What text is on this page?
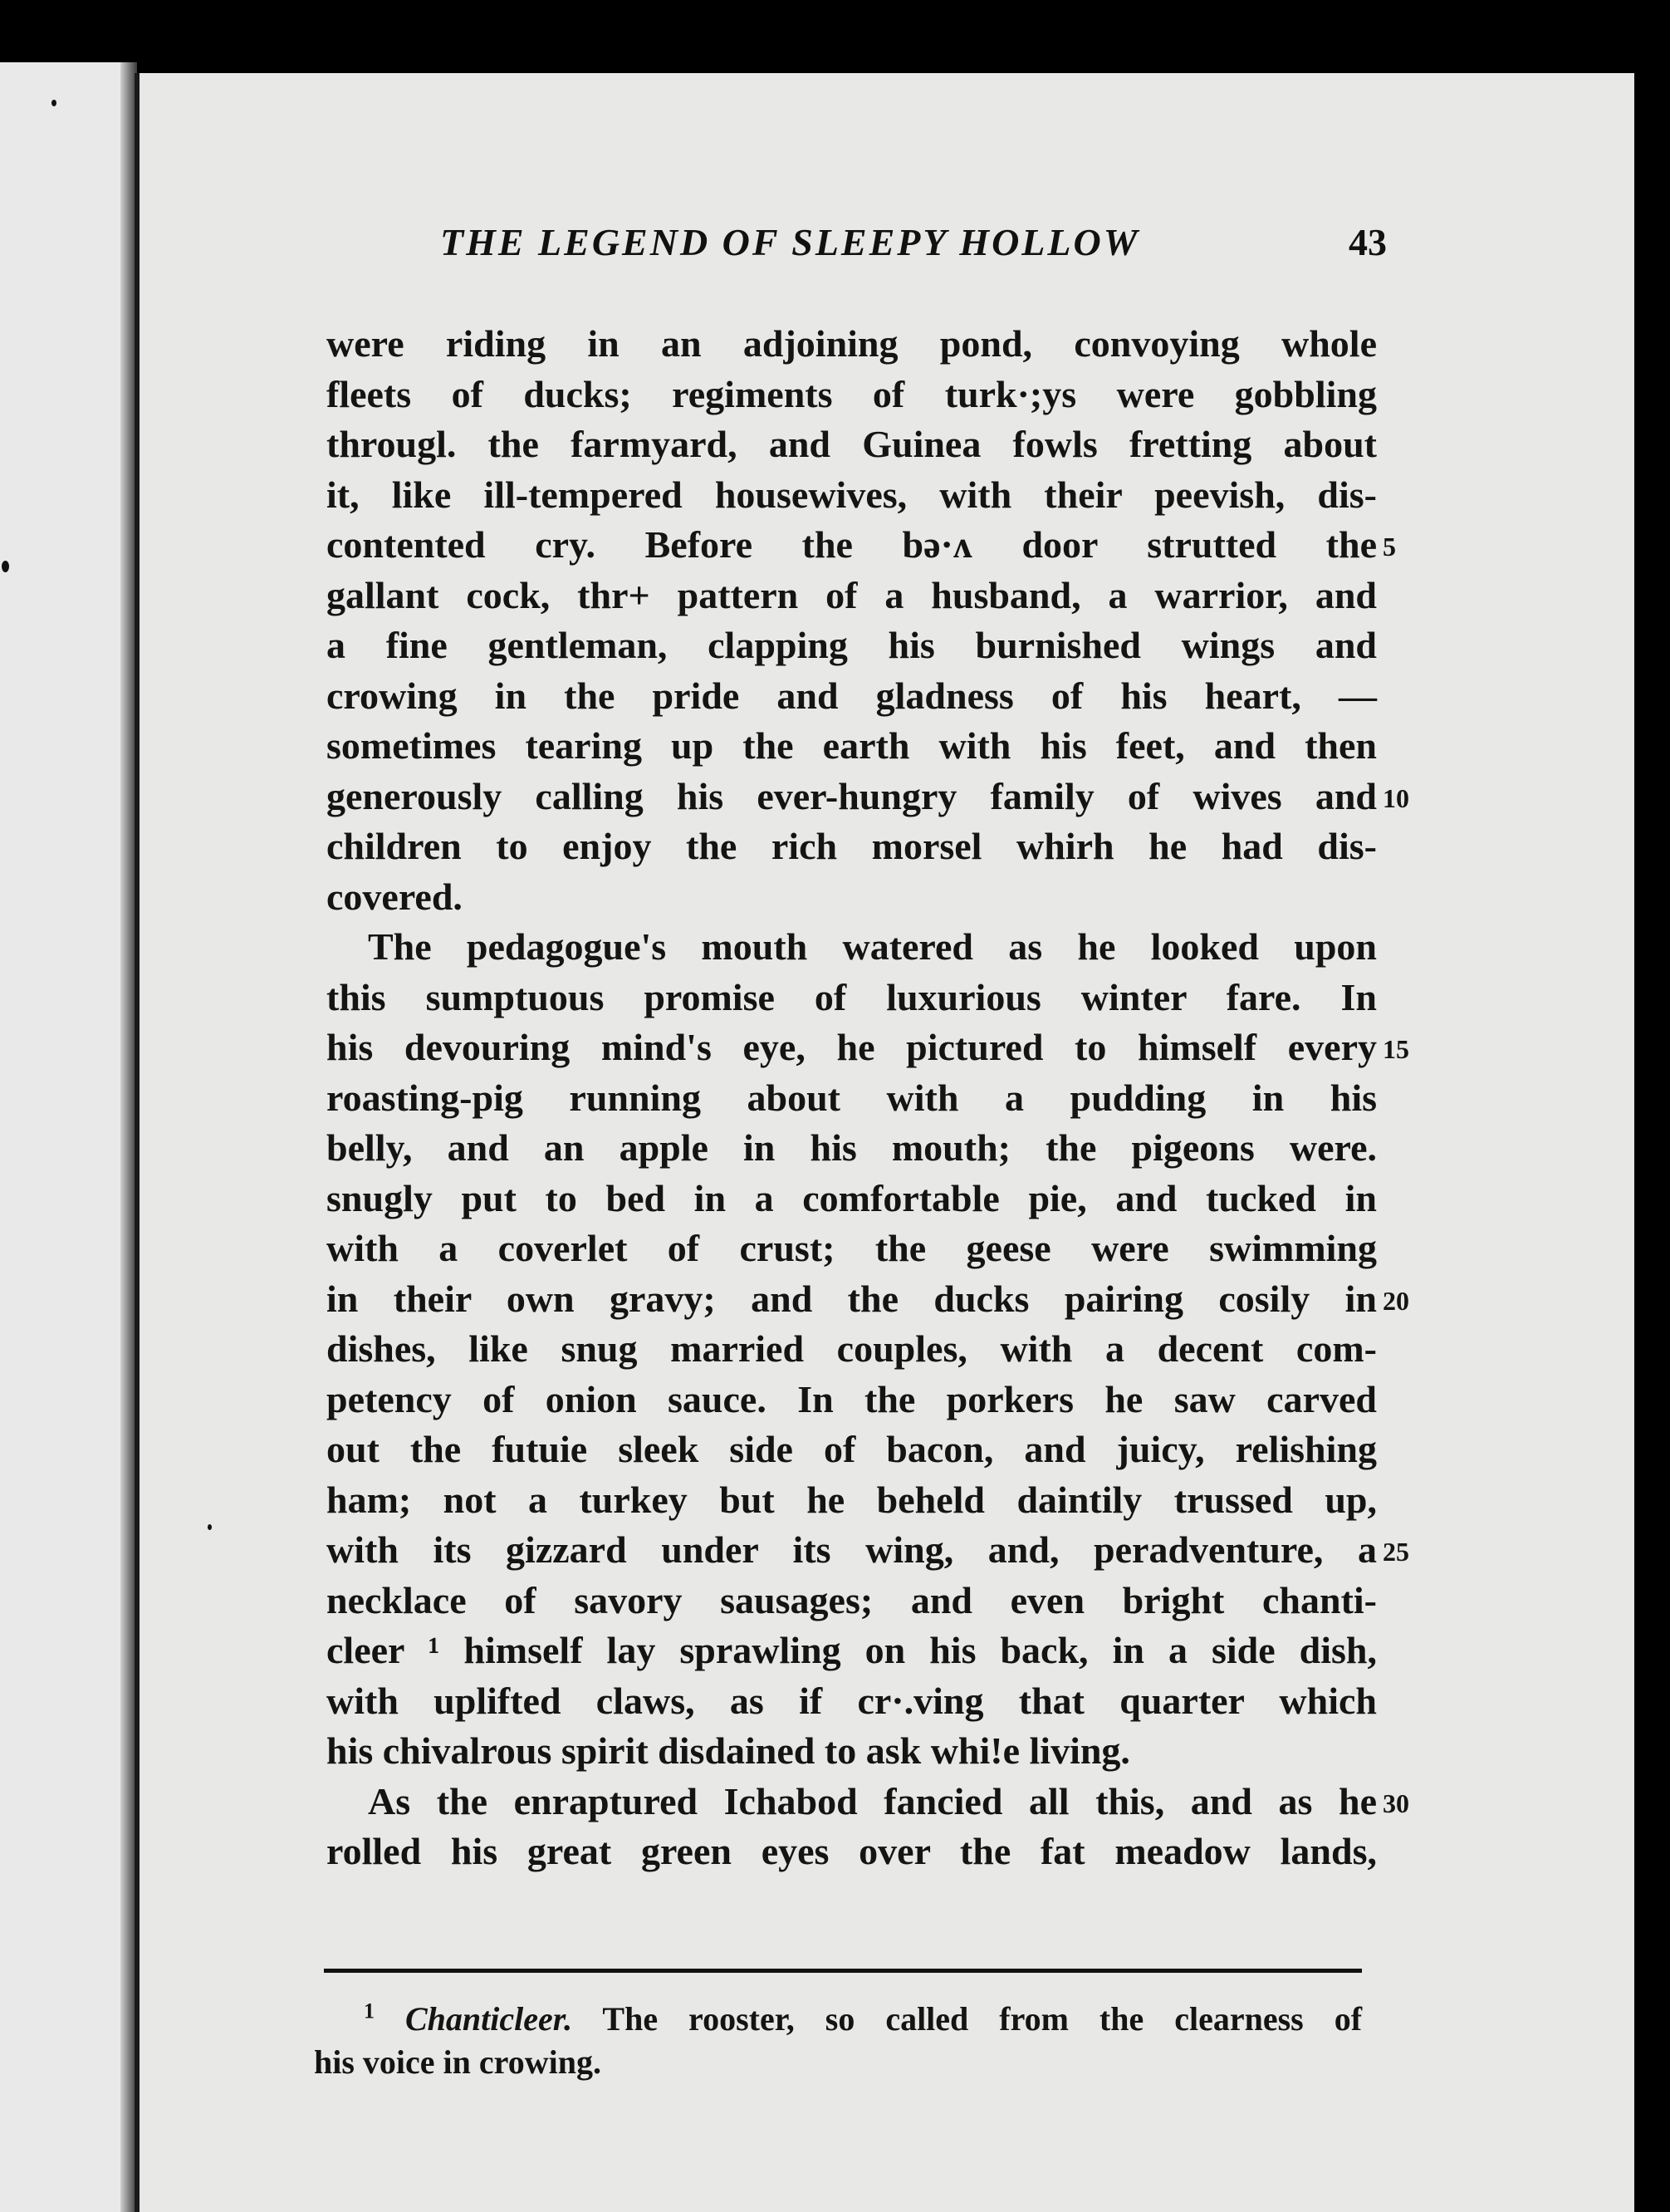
THE LEGEND OF SLEEPY HOLLOW	43
were riding in an adjoining pond, convoying whole
fleets of ducks; regiments of turk·;ys were gobbling
througl. the farmyard, and Guinea fowls fretting about
it, like ill-tempered housewives, with their peevish, dis-
contented cry. Before the bə·ʌ door strutted the 5
gallant cock, thr+ pattern of a husband, a warrior, and
a fine gentleman, clapping his burnished wings and
crowing in the pride and gladness of his heart, —
sometimes tearing up the earth with his feet, and then
generously calling his ever-hungry family of wives and 10
children to enjoy the rich morsel whirh he had dis-
covered.
The pedagogue's mouth watered as he looked upon
this sumptuous promise of luxurious winter fare. In
his devouring mind's eye, he pictured to himself every 15
roasting-pig running about with a pudding in his
belly, and an apple in his mouth; the pigeons were.
snugly put to bed in a comfortable pie, and tucked in
with a coverlet of crust; the geese were swimming
in their own gravy; and the ducks pairing cosily in 20
dishes, like snug married couples, with a decent com-
petency of onion sauce. In the porkers he saw carved
out the futuie sleek side of bacon, and juicy, relishing
ham; not a turkey but he beheld daintily trussed up,
with its gizzard under its wing, and, peradventure, a 25
necklace of savory sausages; and even bright chanti-
cleer ¹ himself lay sprawling on his back, in a side dish,
with uplifted claws, as if cr·.ving that quarter which
his chivalrous spirit disdained to ask whi!e living.
As the enraptured Ichabod fancied all this, and as he 30
rolled his great green eyes over the fat meadow lands,
$^1$ Chanticleer. The rooster, so called from the clearness of
his voice in crowing.
